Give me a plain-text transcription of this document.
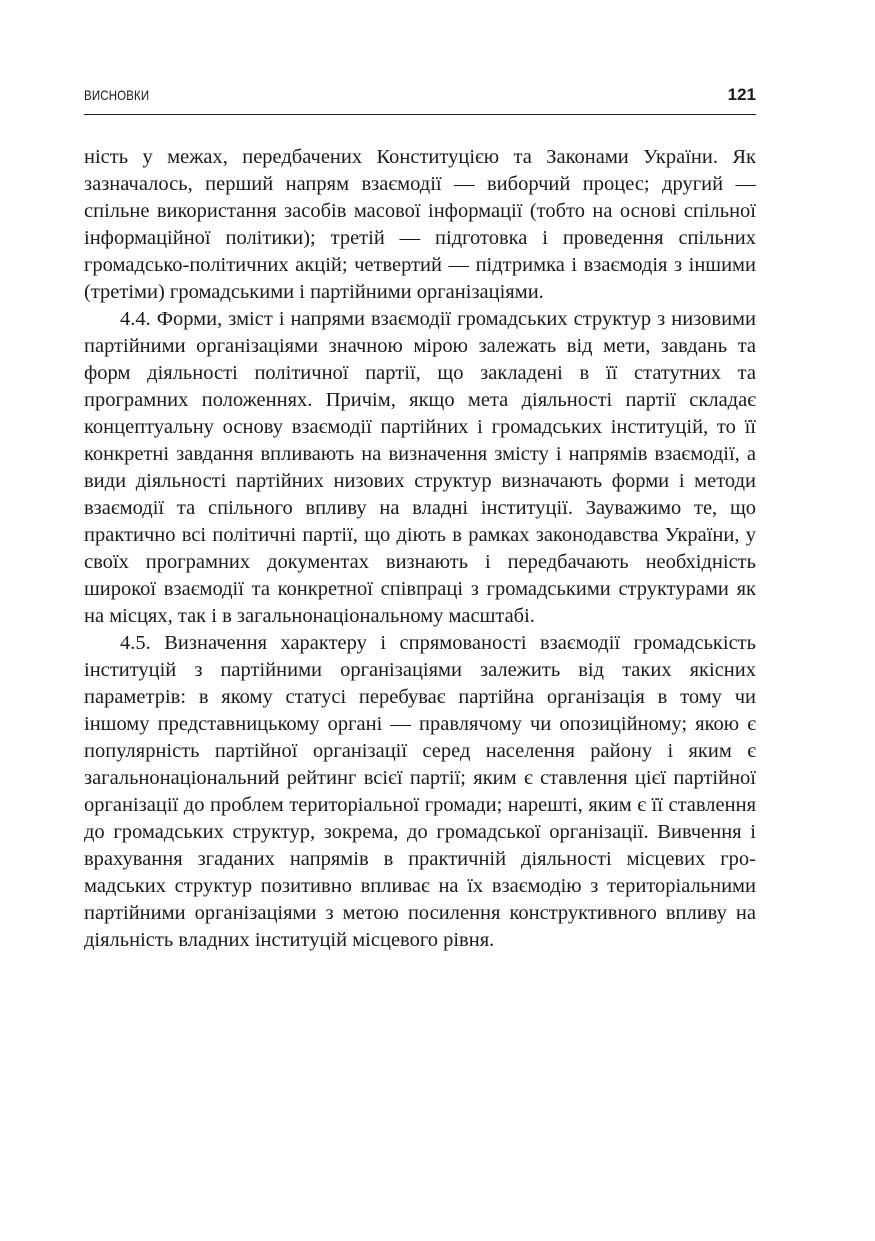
ВИСНОВКИ	121

ність у межах, передбачених Конституцією та Законами України. Як зазначалось, перший напрям взаємодії — виборчий процес; другий — спільне використання засобів масової інформації (тобто на основі спільної інформаційної політики); третій — підготовка і проведення спільних громадсько-політичних акцій; четвертий — підтримка і взаємодія з іншими (третіми) громадськими і партійними організаціями.

4.4. Форми, зміст і напрями взаємодії громадських структур з низовими партійними організаціями значною мірою залежать від мети, завдань та форм діяльності політичної партії, що закладені в її статутних та програмних положеннях. Причім, якщо мета діяльності партії складає концептуальну основу взаємодії партійних і громадських інституцій, то її конкретні завдання впливають на визначення змісту і напрямів взаємодії, а види діяльності партійних низових структур визначають форми і методи взаємодії та спільного впливу на владні інституції. Зауважимо те, що практично всі політичні партії, що діють в рамках законодавства України, у своїх програмних документах визнають і передбачають необхідність широкої взаємодії та конкретної співпраці з громадськими структурами як на місцях, так і в загальнонаціональному масштабі.

4.5. Визначення характеру і спрямованості взаємодії громадськість інституцій з партійними організаціями залежить від таких якісних параметрів: в якому статусі перебуває партійна організація в тому чи іншому представницькому органі — правлячому чи опозиційному; якою є популярність партійної організації серед населення району і яким є загальнонаціональний рейтинг всієї партії; яким є ставлення цієї партійної організації до проблем територіальної громади; нарешті, яким є її ставлення до громадських структур, зокрема, до громадської організації. Вивчення і врахування згаданих напрямів в практичній діяльності місцевих громадських структур позитивно впливає на їх взаємодію з територіальними партійними організаціями з метою посилення конструктивного впливу на діяльність владних інституцій місцевого рівня.
